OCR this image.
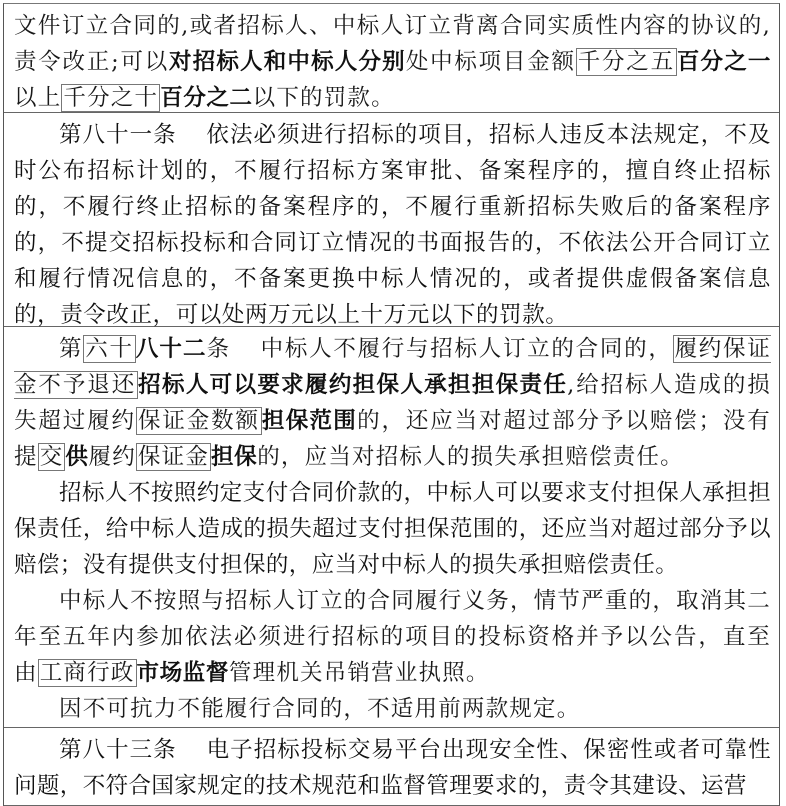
文件订立合同的,或者招标人、中标人订立背离合同实质性内容的协议的,责令改正;可以对招标人和中标人分别处中标项目金额千分之五百分之一以上千分之十百分之二以下的罚款。

第八十一条 依法必须进行招标的项目，招标人违反本法规定，不及时公布招标计划的，不履行招标方案审批、备案程序的，擅自终止招标的，不履行终止招标的备案程序的，不履行重新招标失败后的备案程序的，不提交招标投标和合同订立情况的书面报告的，不依法公开合同订立和履行情况信息的，不备案更换中标人情况的，或者提供虚假备案信息的，责令改正，可以处两万元以上十万元以下的罚款。

第六十八十二条 中标人不履行与招标人订立的合同的，履约保证金不予退还招标人可以要求履约担保人承担担保责任,给招标人造成的损失超过履约保证金数额担保范围的，还应当对超过部分予以赔偿；没有提交供履约保证金担保的，应当对招标人的损失承担赔偿责任。

招标人不按照约定支付合同价款的，中标人可以要求支付担保人承担担保责任，给中标人造成的损失超过支付担保范围的，还应当对超过部分予以赔偿；没有提供支付担保的，应当对中标人的损失承担赔偿责任。

中标人不按照与招标人订立的合同履行义务，情节严重的，取消其二年至五年内参加依法必须进行招标的项目的投标资格并予以公告，直至由工商行政市场监督管理机关吊销营业执照。

因不可抗力不能履行合同的，不适用前两款规定。

第八十三条 电子招标投标交易平台出现安全性、保密性或者可靠性问题，不符合国家规定的技术规范和监督管理要求的，责令其建设、运营
